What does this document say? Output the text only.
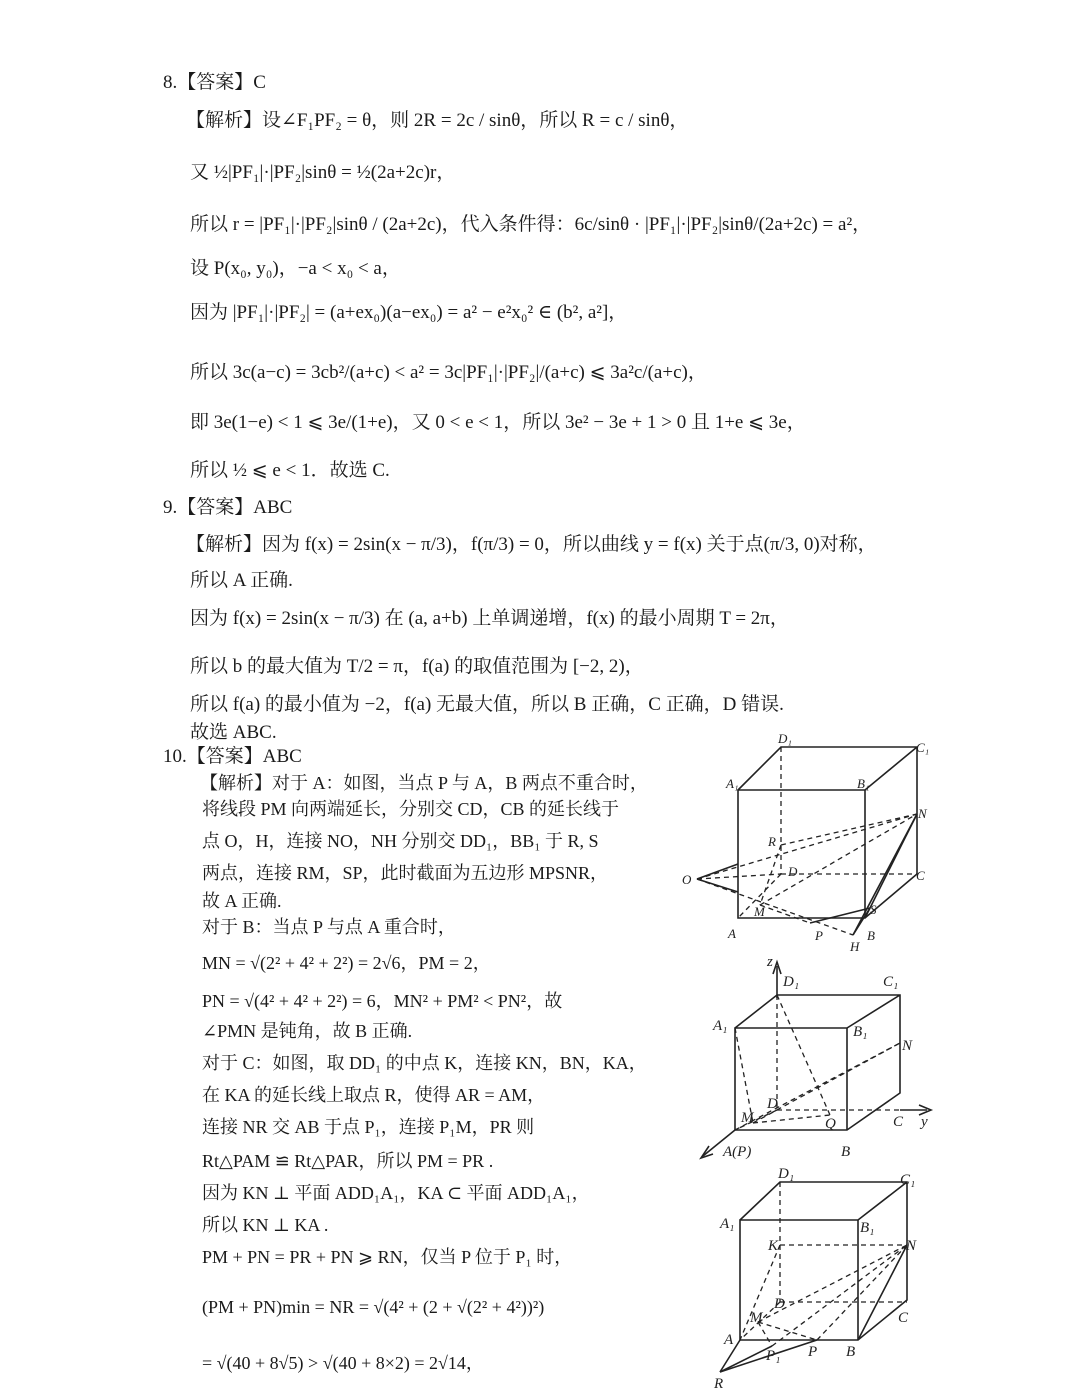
8.【答案】C
【解析】设∠F₁PF₂ = θ，则 2R = 2c / sinθ，所以 R = c / sinθ，
又 ½|PF₁|·|PF₂|sinθ = ½(2a+2c)r，
所以 r = |PF₁|·|PF₂|sinθ / (2a+2c)，代入条件得：6c/sinθ · |PF₁|·|PF₂|sinθ/(2a+2c) = a²，
设 P(x₀, y₀)，−a < x₀ < a，
因为 |PF₁|·|PF₂| = (a+ex₀)(a−ex₀) = a² − e²x₀² ∈ (b², a²]，
所以 3c(a−c) = 3cb²/(a+c) < a² = 3c|PF₁|·|PF₂|/(a+c) ⩽ 3a²c/(a+c)，
即 3e(1−e) < 1 ⩽ 3e/(1+e)，又 0 < e < 1，所以 3e² − 3e + 1 > 0 且 1+e ⩽ 3e，
所以 ½ ⩽ e < 1．故选 C.
9.【答案】ABC
【解析】因为 f(x) = 2sin(x − π/3)，f(π/3) = 0，所以曲线 y = f(x) 关于点(π/3, 0)对称，
所以 A 正确.
因为 f(x) = 2sin(x − π/3) 在 (a, a+b) 上单调递增，f(x) 的最小周期 T = 2π，
所以 b 的最大值为 T/2 = π，f(a) 的取值范围为 [−2, 2)，
所以 f(a) 的最小值为 −2，f(a) 无最大值，所以 B 正确，C 正确，D 错误.
故选 ABC.
10.【答案】ABC
【解析】对于 A：如图，当点 P 与 A，B 两点不重合时，
将线段 PM 向两端延长，分别交 CD，CB 的延长线于
点 O，H，连接 NO，NH 分别交 DD₁，BB₁ 于 R, S
两点，连接 RM，SP，此时截面为五边形 MPSNR，
故 A 正确.
对于 B：当点 P 与点 A 重合时，
MN = √(2² + 4² + 2²) = 2√6，PM = 2，
PN = √(4² + 4² + 2²) = 6，MN² + PM² < PN²，故
∠PMN 是钝角，故 B 正确.
对于 C：如图，取 DD₁ 的中点 K，连接 KN，BN，KA，
在 KA 的延长线上取点 R，使得 AR = AM，
连接 NR 交 AB 于点 P₁，连接 P₁M，PR 则
Rt△PAM ≌ Rt△PAR，所以 PM = PR .
因为 KN ⊥ 平面 ADD₁A₁，KA ⊂ 平面 ADD₁A₁，
所以 KN ⊥ KA .
PM + PN = PR + PN ⩾ RN，仅当 P 位于 P₁ 时，
(PM + PN)min = NR = √(4² + (2 + √(2² + 4²))²)
= √(40 + 8√5) > √(40 + 8×2) = 2√14，
D₁
C₁
A₁	B₁
N
R
D
O	C
M	S
A	P	B
H
z
D₁	C₁
A₁	B₁
N
M
D
C y
Q
A(P)	B
D₁	C₁
A₁	B₁
K	N
D
M	C
A
P₁ P B
R
